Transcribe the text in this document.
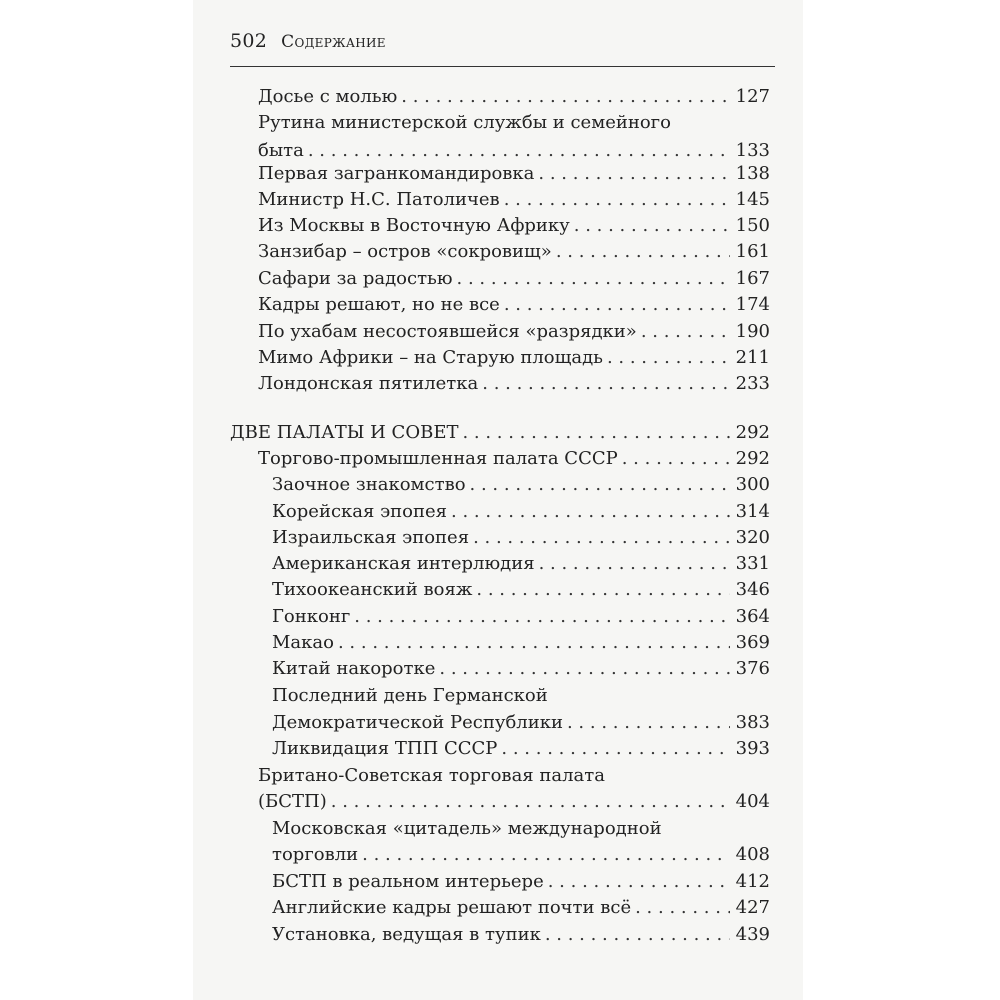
502 Содержание
Досье с молью . . .	127
Рутина министерской службы и семейного
быта . . .	133
Первая загранкомандировка . . .	138
Министр Н.С. Патоличев . . .	145
Из Москвы в Восточную Африку . . .	150
Занзибар – остров «сокровищ» . . .	161
Сафари за радостью . . .	167
Кадры решают, но не все . . .	174
По ухабам несостоявшейся «разрядки» . . .	190
Мимо Африки – на Старую площадь . . .	211
Лондонская пятилетка . . .	233
ДВЕ ПАЛАТЫ И СОВЕТ . . .	292
Торгово-промышленная палата СССР . . .	292
Заочное знакомство . . .	300
Корейская эпопея . . .	314
Израильская эпопея . . .	320
Американская интерлюдия . . .	331
Тихоокеанский вояж . . .	346
Гонконг . . .	364
Макао . . .	369
Китай накоротке . . .	376
Последний день Германской
Демократической Республики . . .	383
Ликвидация ТПП СССР . . .	393
Британо-Советская торговая палата
(БСТП) . . .	404
Московская «цитадель» международной
торговли . . .	408
БСТП в реальном интерьере . . .	412
Английские кадры решают почти всё . . .	427
Установка, ведущая в тупик . . .	439
